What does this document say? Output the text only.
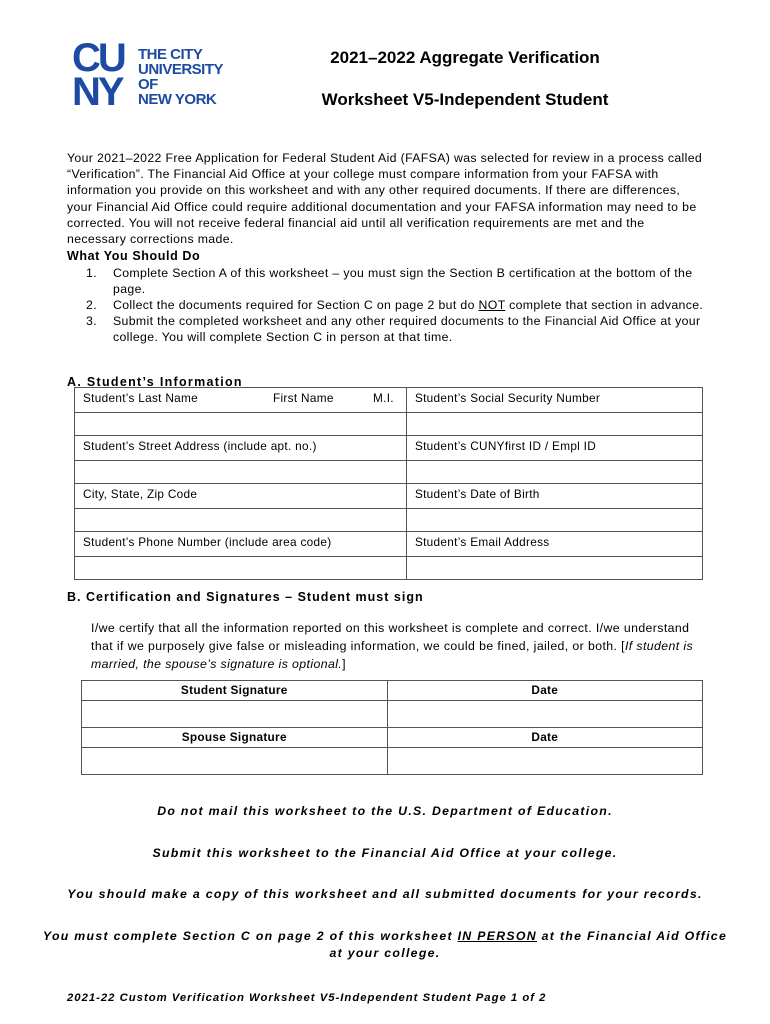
CU
NY
THE CITY
UNIVERSITY
OF
NEW YORK
2021–2022 Aggregate Verification
Worksheet V5-Independent Student
Your 2021–2022 Free Application for Federal Student Aid (FAFSA) was selected for review in a process called “Verification”. The Financial Aid Office at your college must compare information from your FAFSA with information you provide on this worksheet and with any other required documents. If there are differences, your Financial Aid Office could require additional documentation and your FAFSA information may need to be corrected. You will not receive federal financial aid until all verification requirements are met and the necessary corrections made.
What You Should Do
1. Complete Section A of this worksheet – you must sign the Section B certification at the bottom of the page.
2. Collect the documents required for Section C on page 2 but do NOT complete that section in advance.
3. Submit the completed worksheet and any other required documents to the Financial Aid Office at your college. You will complete Section C in person at that time.
A. Student’s Information
Student’s Last Name First Name M.I.	Student’s Social Security Number

Student’s Street Address (include apt. no.)	Student’s CUNYfirst ID / Empl ID

City, State, Zip Code	Student’s Date of Birth

Student’s Phone Number (include area code)	Student’s Email Address

B. Certification and Signatures – Student must sign
I/we certify that all the information reported on this worksheet is complete and correct. I/we understand that if we purposely give false or misleading information, we could be fined, jailed, or both. [If student is married, the spouse’s signature is optional.]
Student Signature	Date

Spouse Signature	Date

Do not mail this worksheet to the U.S. Department of Education.
Submit this worksheet to the Financial Aid Office at your college.
You should make a copy of this worksheet and all submitted documents for your records.
You must complete Section C on page 2 of this worksheet IN PERSON at the Financial Aid Office at your college.
2021-22 Custom Verification Worksheet V5-Independent Student Page 1 of 2
